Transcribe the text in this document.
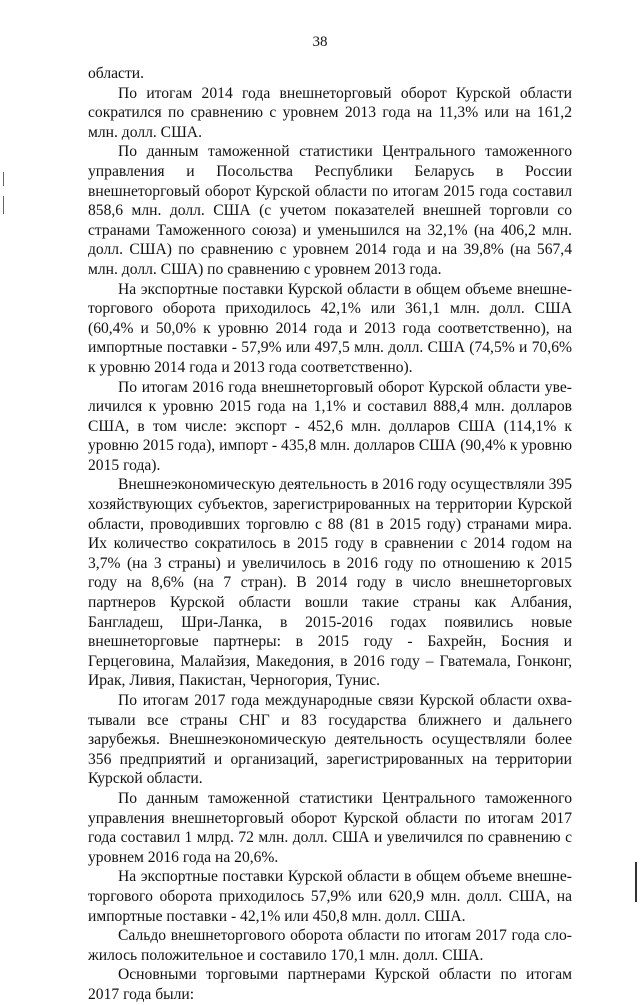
38

области.

По итогам 2014 года внешнеторговый оборот Курской области сократился по сравнению с уровнем 2013 года на 11,3% или на 161,2 млн. долл. США.

По данным таможенной статистики Центрального таможенного управления и Посольства Республики Беларусь в России внешнеторговый оборот Курской области по итогам 2015 года составил 858,6 млн. долл. США (с учетом показателей внешней торговли со странами Таможенного союза) и уменьшился на 32,1% (на 406,2 млн. долл. США) по сравнению с уровнем 2014 года и на 39,8% (на 567,4 млн. долл. США) по сравнению с уровнем 2013 года.

На экспортные поставки Курской области в общем объеме внешнеторгового оборота приходилось 42,1% или 361,1 млн. долл. США (60,4% и 50,0% к уровню 2014 года и 2013 года соответственно), на импортные поставки - 57,9% или 497,5 млн. долл. США (74,5% и 70,6% к уровню 2014 года и 2013 года соответственно).

По итогам 2016 года внешнеторговый оборот Курской области увеличился к уровню 2015 года на 1,1% и составил 888,4 млн. долларов США, в том числе: экспорт - 452,6 млн. долларов США (114,1% к уровню 2015 года), импорт - 435,8 млн. долларов США (90,4% к уровню 2015 года).

Внешнеэкономическую деятельность в 2016 году осуществляли 395 хозяйствующих субъектов, зарегистрированных на территории Курской области, проводивших торговлю с 88 (81 в 2015 году) странами мира. Их количество сократилось в 2015 году в сравнении с 2014 годом на 3,7% (на 3 страны) и увеличилось в 2016 году по отношению к 2015 году на 8,6% (на 7 стран). В 2014 году в число внешнеторговых партнеров Курской области вошли такие страны как Албания, Бангладеш, Шри-Ланка, в 2015-2016 годах появились новые внешнеторговые партнеры: в 2015 году - Бахрейн, Босния и Герцеговина, Малайзия, Македония, в 2016 году – Гватемала, Гонконг, Ирак, Ливия, Пакистан, Черногория, Тунис.

По итогам 2017 года международные связи Курской области охватывали все страны СНГ и 83 государства ближнего и дальнего зарубежья. Внешнеэкономическую деятельность осуществляли более 356 предприятий и организаций, зарегистрированных на территории Курской области.

По данным таможенной статистики Центрального таможенного управления внешнеторговый оборот Курской области по итогам 2017 года составил 1 млрд. 72 млн. долл. США и увеличился по сравнению с уровнем 2016 года на 20,6%.

На экспортные поставки Курской области в общем объеме внешнеторгового оборота приходилось 57,9% или 620,9 млн. долл. США, на импортные поставки - 42,1% или 450,8 млн. долл. США.

Сальдо внешнеторгового оборота области по итогам 2017 года сложилось положительное и составило 170,1 млн. долл. США.

Основными торговыми партнерами Курской области по итогам 2017 года были:
